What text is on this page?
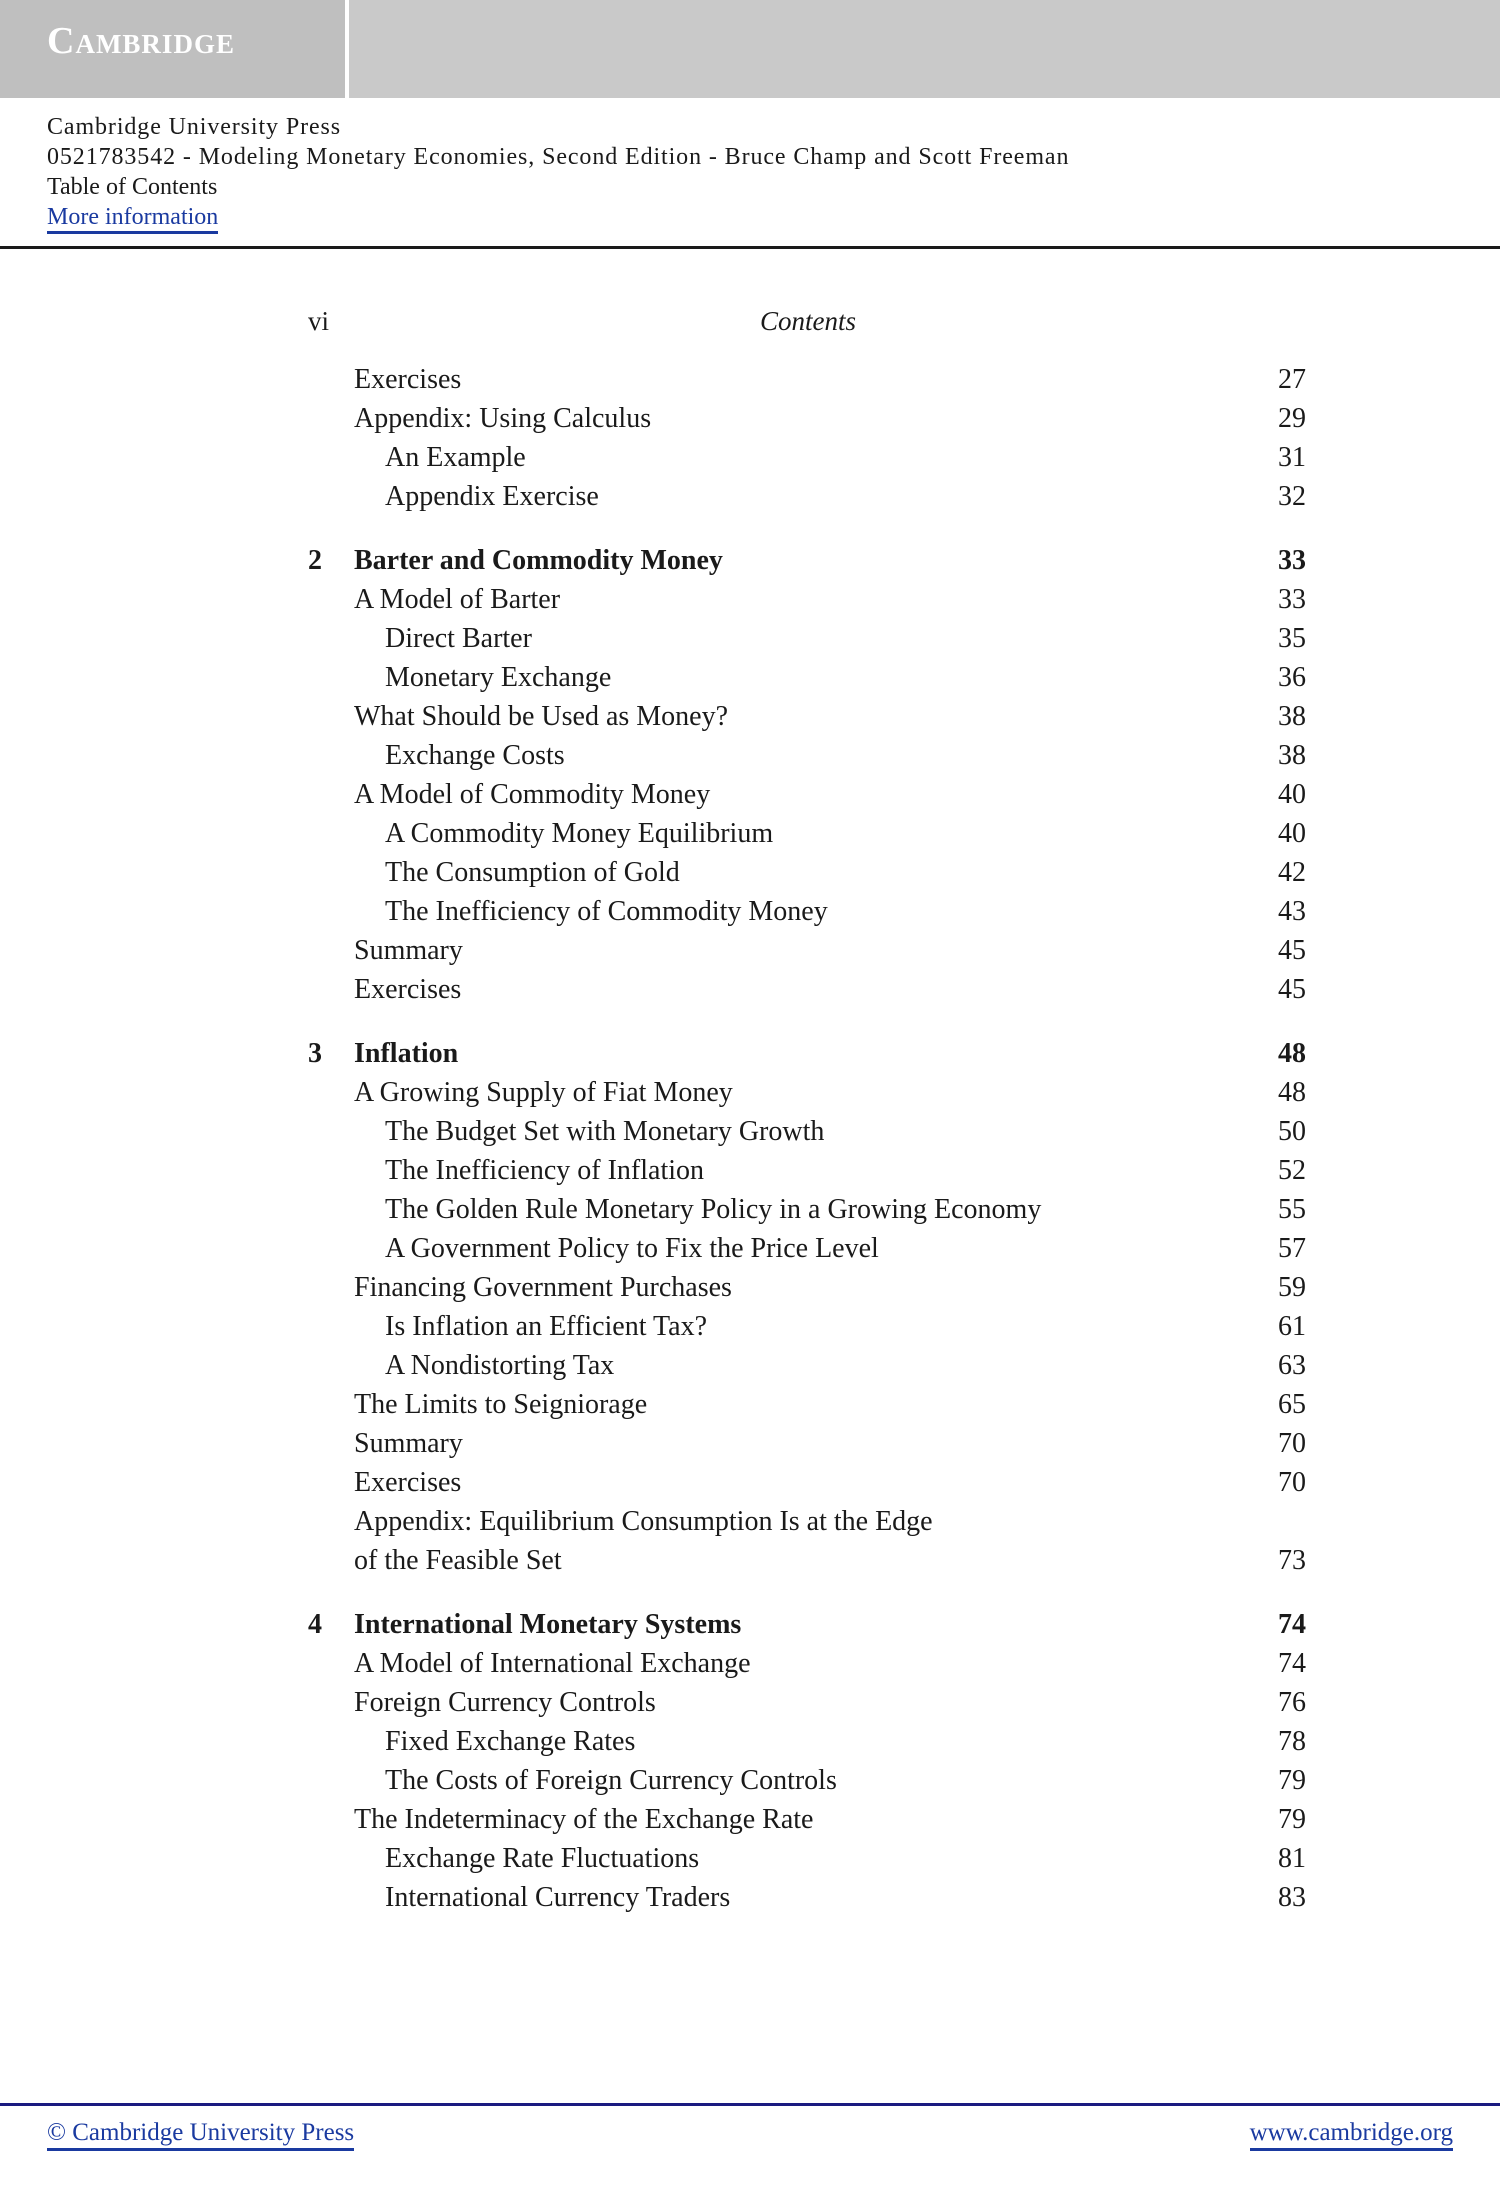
Cambridge
Cambridge University Press
0521783542 - Modeling Monetary Economies, Second Edition - Bruce Champ and Scott Freeman
Table of Contents
More information
vi	Contents
Exercises	27
Appendix: Using Calculus	29
An Example	31
Appendix Exercise	32
2 Barter and Commodity Money	33
A Model of Barter	33
Direct Barter	35
Monetary Exchange	36
What Should be Used as Money?	38
Exchange Costs	38
A Model of Commodity Money	40
A Commodity Money Equilibrium	40
The Consumption of Gold	42
The Inefficiency of Commodity Money	43
Summary	45
Exercises	45
3 Inflation	48
A Growing Supply of Fiat Money	48
The Budget Set with Monetary Growth	50
The Inefficiency of Inflation	52
The Golden Rule Monetary Policy in a Growing Economy	55
A Government Policy to Fix the Price Level	57
Financing Government Purchases	59
Is Inflation an Efficient Tax?	61
A Nondistorting Tax	63
The Limits to Seigniorage	65
Summary	70
Exercises	70
Appendix: Equilibrium Consumption Is at the Edge
of the Feasible Set	73
4 International Monetary Systems	74
A Model of International Exchange	74
Foreign Currency Controls	76
Fixed Exchange Rates	78
The Costs of Foreign Currency Controls	79
The Indeterminacy of the Exchange Rate	79
Exchange Rate Fluctuations	81
International Currency Traders	83
© Cambridge University Press	www.cambridge.org
